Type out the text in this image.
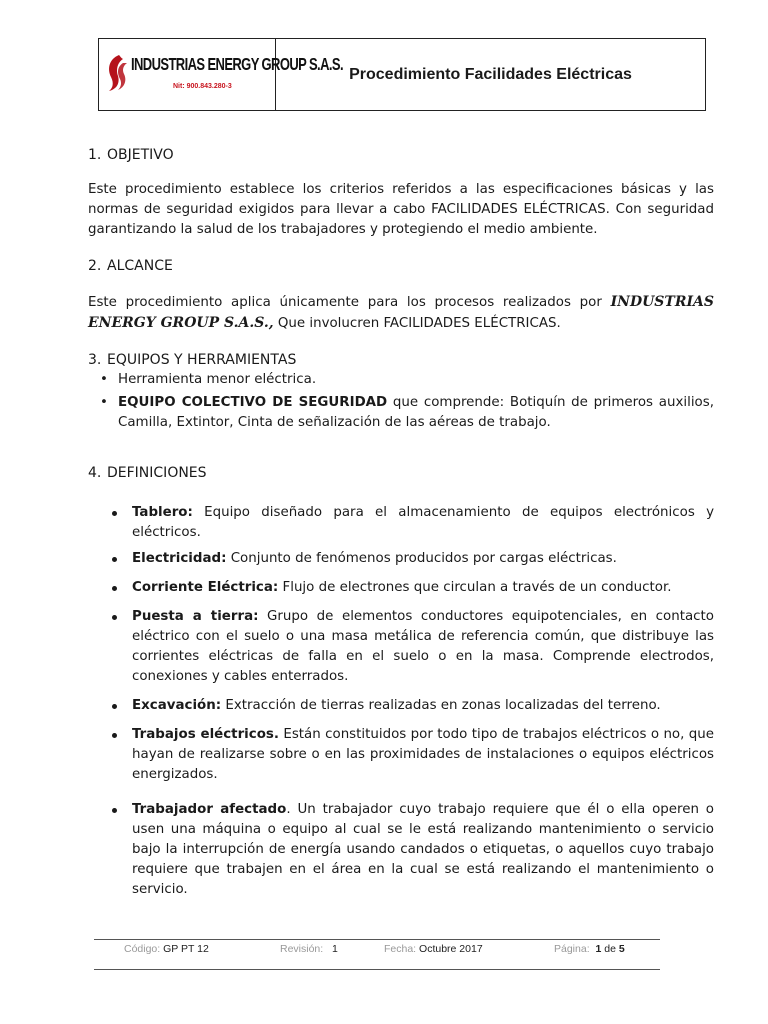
INDUSTRIAS ENERGY GROUP S.A.S.
Nit: 900.843.280-3
Procedimiento Facilidades Eléctricas
1. OBJETIVO

Este procedimiento establece los criterios referidos a las especificaciones básicas y las normas de seguridad exigidos para llevar a cabo FACILIDADES ELÉCTRICAS. Con seguridad garantizando la salud de los trabajadores y protegiendo el medio ambiente.

2. ALCANCE

Este procedimiento aplica únicamente para los procesos realizados por INDUSTRIAS ENERGY GROUP S.A.S., Que involucren FACILIDADES ELÉCTRICAS.

3. EQUIPOS Y HERRAMIENTAS
• Herramienta menor eléctrica.
• EQUIPO COLECTIVO DE SEGURIDAD que comprende: Botiquín de primeros auxilios, Camilla, Extintor, Cinta de señalización de las aéreas de trabajo.
4. DEFINICIONES
Tablero: Equipo diseñado para el almacenamiento de equipos electrónicos y eléctricos.
Electricidad: Conjunto de fenómenos producidos por cargas eléctricas.
Corriente Eléctrica: Flujo de electrones que circulan a través de un conductor.
Puesta a tierra: Grupo de elementos conductores equipotenciales, en contacto eléctrico con el suelo o una masa metálica de referencia común, que distribuye las corrientes eléctricas de falla en el suelo o en la masa. Comprende electrodos, conexiones y cables enterrados.
Excavación: Extracción de tierras realizadas en zonas localizadas del terreno.
Trabajos eléctricos. Están constituidos por todo tipo de trabajos eléctricos o no, que hayan de realizarse sobre o en las proximidades de instalaciones o equipos eléctricos energizados.
Trabajador afectado. Un trabajador cuyo trabajo requiere que él o ella operen o usen una máquina o equipo al cual se le está realizando mantenimiento o servicio bajo la interrupción de energía usando candados o etiquetas, o aquellos cuyo trabajo requiere que trabajen en el área en la cual se está realizando el mantenimiento o servicio.
Código: GP PT 12	Revisión: 1	Fecha: Octubre 2017	Página: 1 de 5
